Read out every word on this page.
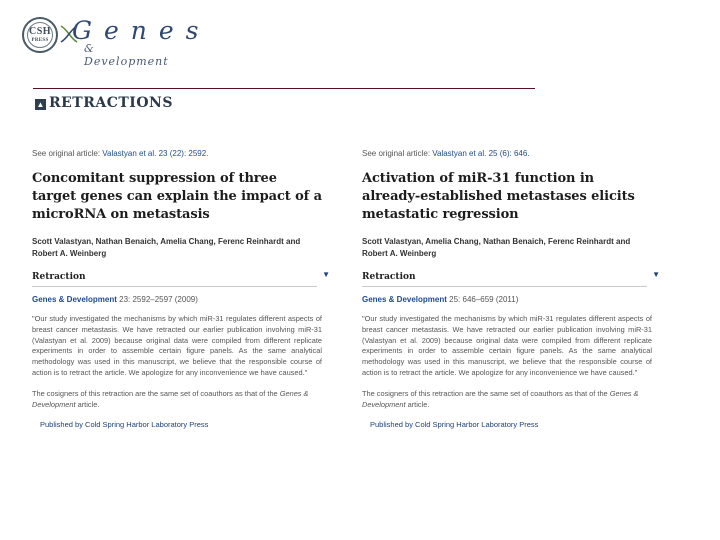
CSH
PRESS Genes
& Development
▲ RETRACTIONS

See original article: Valastyan et al. 23 (22): 2592.

Concomitant suppression of three target genes can explain the impact of a microRNA on metastasis

Scott Valastyan, Nathan Benaich, Amelia Chang, Ferenc Reinhardt and Robert A. Weinberg

Retraction	▼

Genes & Development 23: 2592–2597 (2009)

"Our study investigated the mechanisms by which miR-31 regulates different aspects of breast cancer metastasis. We have retracted our earlier publication involving miR-31 (Valastyan et al. 2009) because original data were compiled from different replicate experiments in order to assemble certain figure panels. As the same analytical methodology was used in this manuscript, we believe that the responsible course of action is to retract the article. We apologize for any inconvenience we have caused."

The cosigners of this retraction are the same set of coauthors as that of the Genes & Development article.

Published by Cold Spring Harbor Laboratory Press

See original article: Valastyan et al. 25 (6): 646.

Activation of miR-31 function in already-established metastases elicits metastatic regression

Scott Valastyan, Amelia Chang, Nathan Benaich, Ferenc Reinhardt and Robert A. Weinberg

Retraction	▼

Genes & Development 25: 646–659 (2011)

"Our study investigated the mechanisms by which miR-31 regulates different aspects of breast cancer metastasis. We have retracted our earlier publication involving miR-31 (Valastyan et al. 2009) because original data were compiled from different replicate experiments in order to assemble certain figure panels. As the same analytical methodology was used in this manuscript, we believe that the responsible course of action is to retract the article. We apologize for any inconvenience we have caused."

The cosigners of this retraction are the same set of coauthors as that of the Genes & Development article.

Published by Cold Spring Harbor Laboratory Press
